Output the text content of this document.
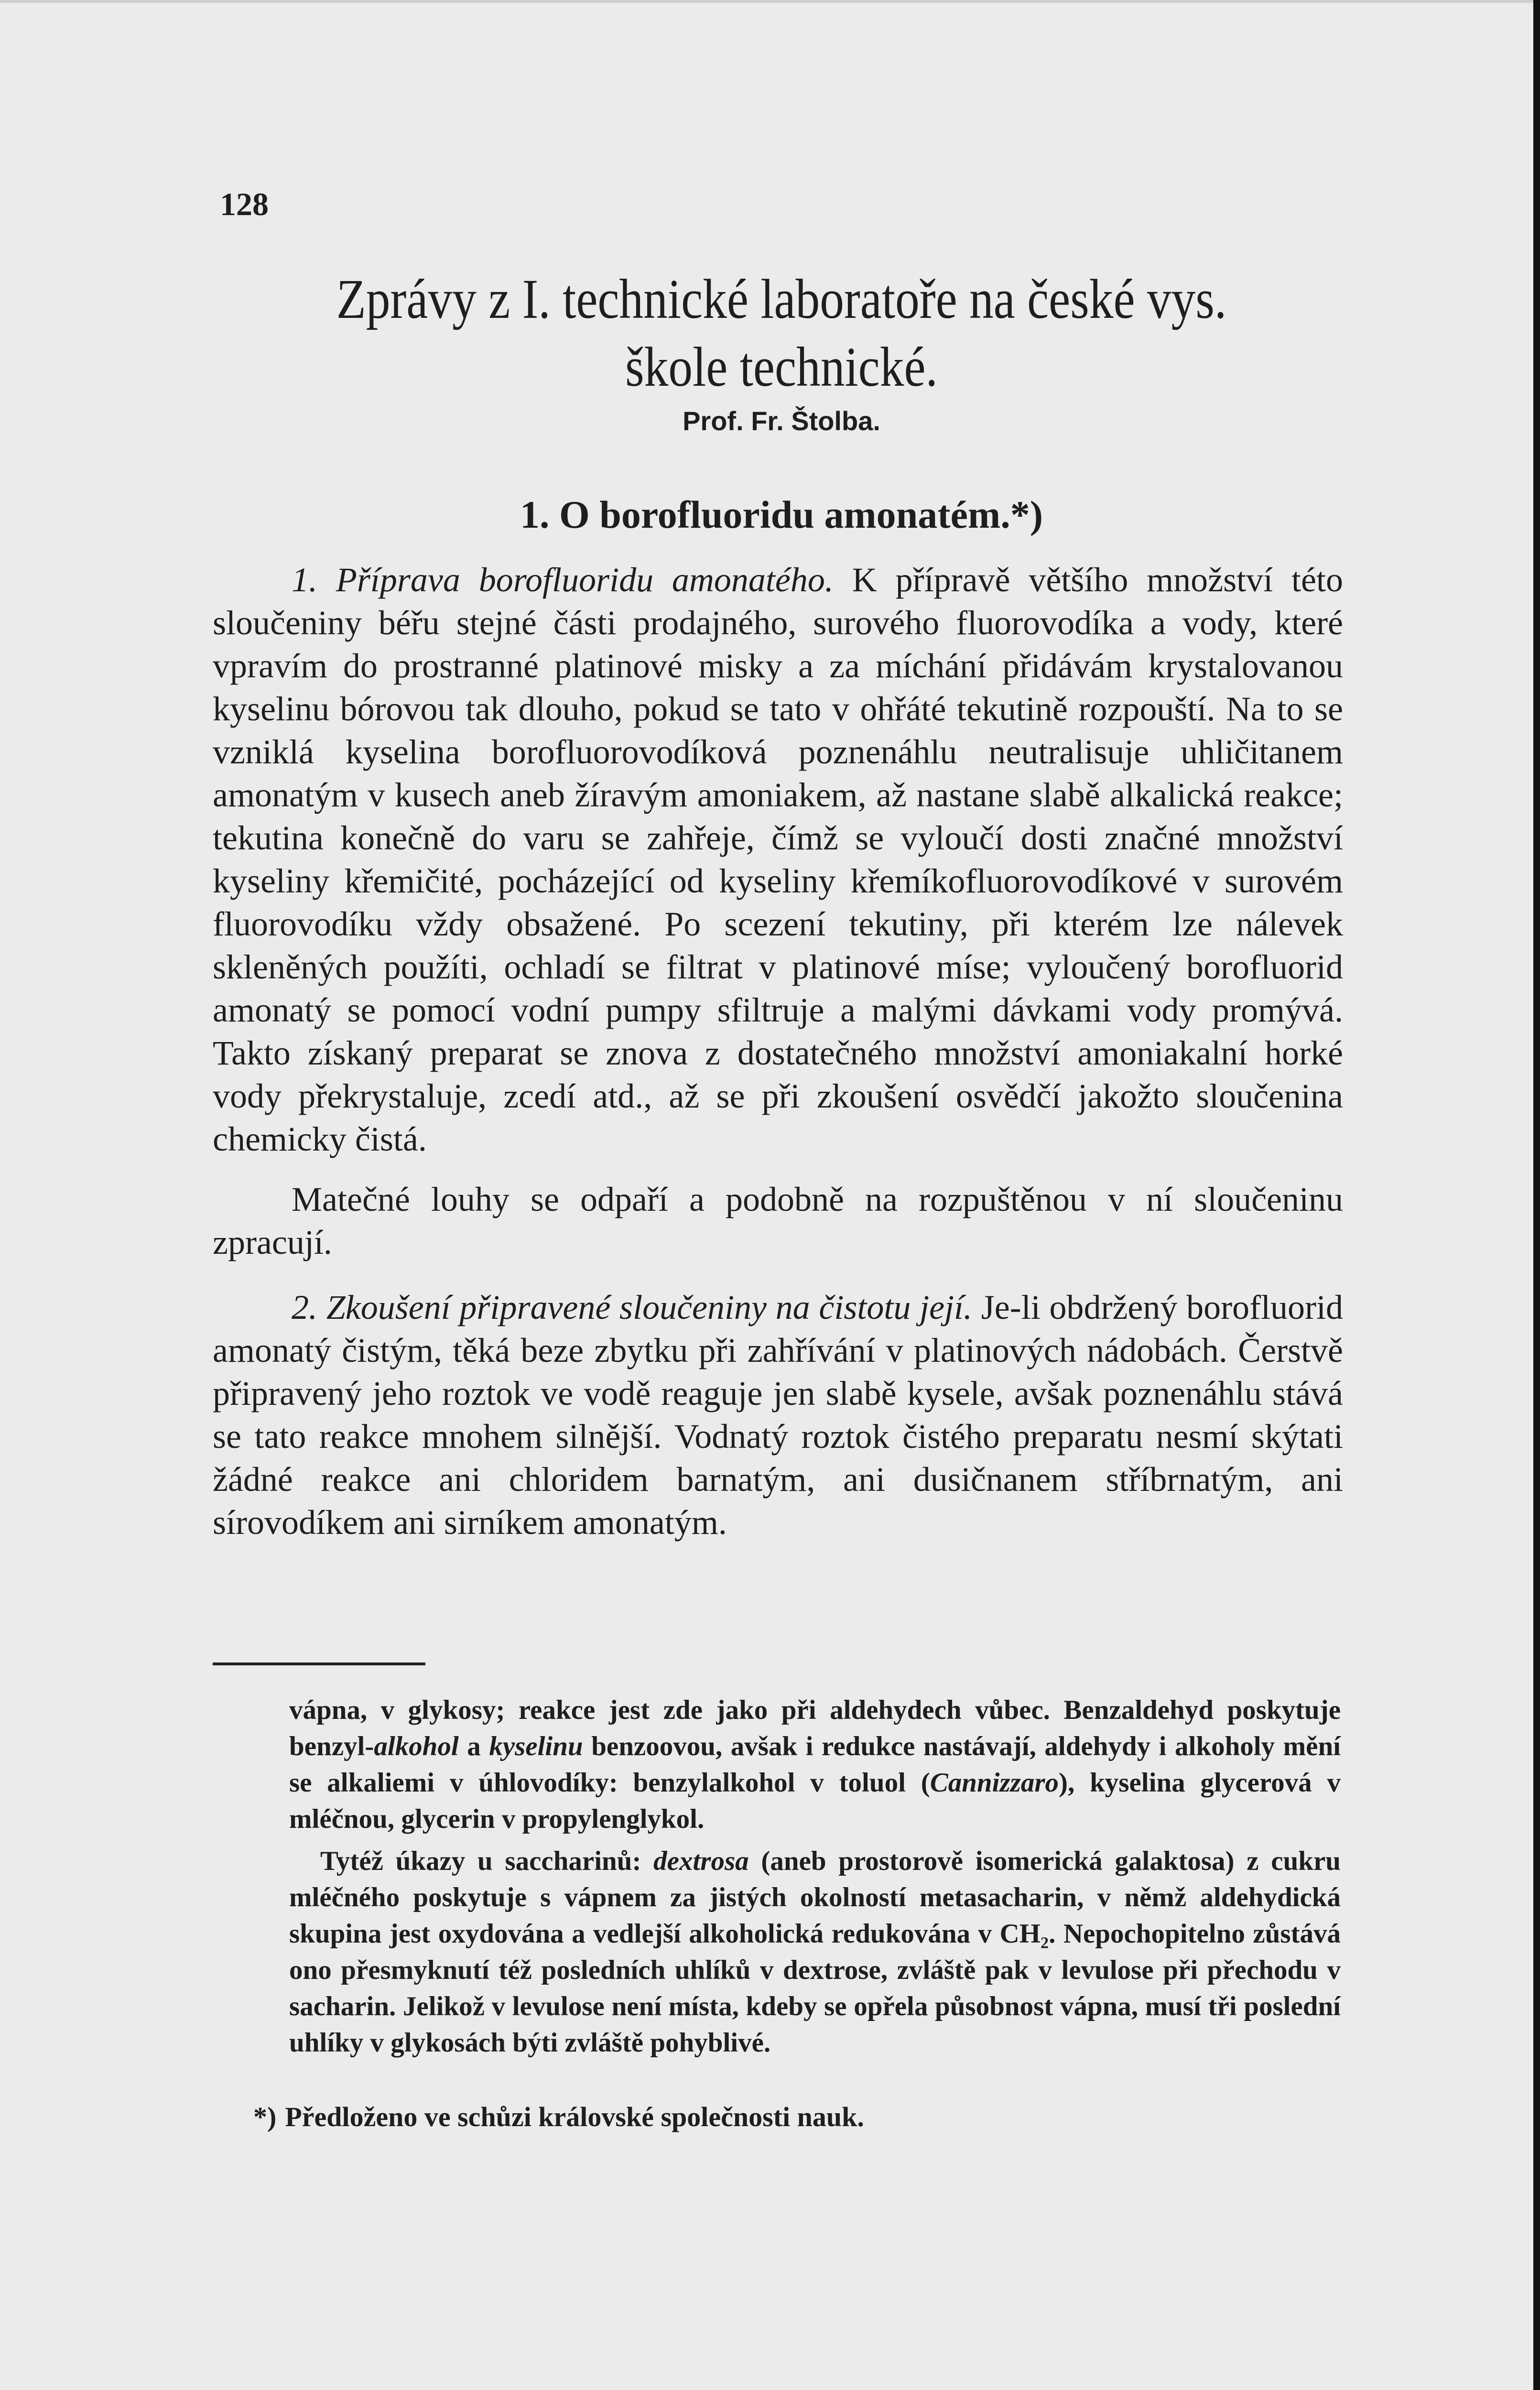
128

Zprávy z I. technické laboratoře na české vys.

škole technické.

Prof. Fr. Štolba.
1. O borofluoridu amonatém.*)

1. Příprava borofluoridu amonatého. K přípravě většího množství této sloučeniny béřu stejné části prodajného, surového fluorovodíka a vody, které vpravím do prostranné platinové misky a za míchání přidávám krystalovanou kyselinu bórovou tak dlouho, pokud se tato v ohřáté tekutině rozpouští. Na to se vzniklá kyselina borofluorovodíková poznenáhlu neutralisuje uhličitanem amonatým v kusech aneb žíravým amoniakem, až nastane slabě alkalická reakce; tekutina konečně do varu se zahřeje, čímž se vyloučí dosti značné množství kyseliny křemičité, pocházející od kyseliny křemíkofluorovodíkové v surovém fluorovodíku vždy obsažené. Po scezení tekutiny, při kterém lze nálevek skleněných použíti, ochladí se filtrat v platinové míse; vyloučený borofluorid amonatý se pomocí vodní pumpy sfiltruje a malými dávkami vody promývá. Takto získaný preparat se znova z dostatečného množství amoniakalní horké vody překrystaluje, zcedí atd., až se při zkoušení osvědčí jakožto sloučenina chemicky čistá.

Matečné louhy se odpaří a podobně na rozpuštěnou v ní sloučeninu zpracují.

2. Zkoušení připravené sloučeniny na čistotu její. Je-li obdržený borofluorid amonatý čistým, těká beze zbytku při zahřívání v platinových nádobách. Čerstvě připravený jeho roztok ve vodě reaguje jen slabě kysele, avšak poznenáhlu stává se tato reakce mnohem silnější. Vodnatý roztok čistého preparatu nesmí skýtati žádné reakce ani chloridem barnatým, ani dusičnanem stříbrnatým, ani sírovodíkem ani sirníkem amonatým.

vápna, v glykosy; reakce jest zde jako při aldehydech vůbec. Benzaldehyd poskytuje benzyl-alkohol a kyselinu benzoovou, avšak i redukce nastávají, aldehydy i alkoholy mění se alkaliemi v úhlovodíky: benzylalkohol v toluol (Cannizzaro), kyselina glycerová v mléčnou, glycerin v propylenglykol.

Tytéž úkazy u saccharinů: dextrosa (aneb prostorově isomerická galaktosa) z cukru mléčného poskytuje s vápnem za jistých okolností metasacharin, v němž aldehydická skupina jest oxydována a vedlejší alkoholická redukována v CH₂. Nepochopitelno zůstává ono přesmyknutí též posledních uhlíků v dextrose, zvláště pak v levulose při přechodu v sacharin. Jelikož v levulose není místa, kdeby se opřela působnost vápna, musí tři poslední uhlíky v glykosách býti zvláště pohyblivé.

*) Předloženo ve schůzi královské společnosti nauk.
